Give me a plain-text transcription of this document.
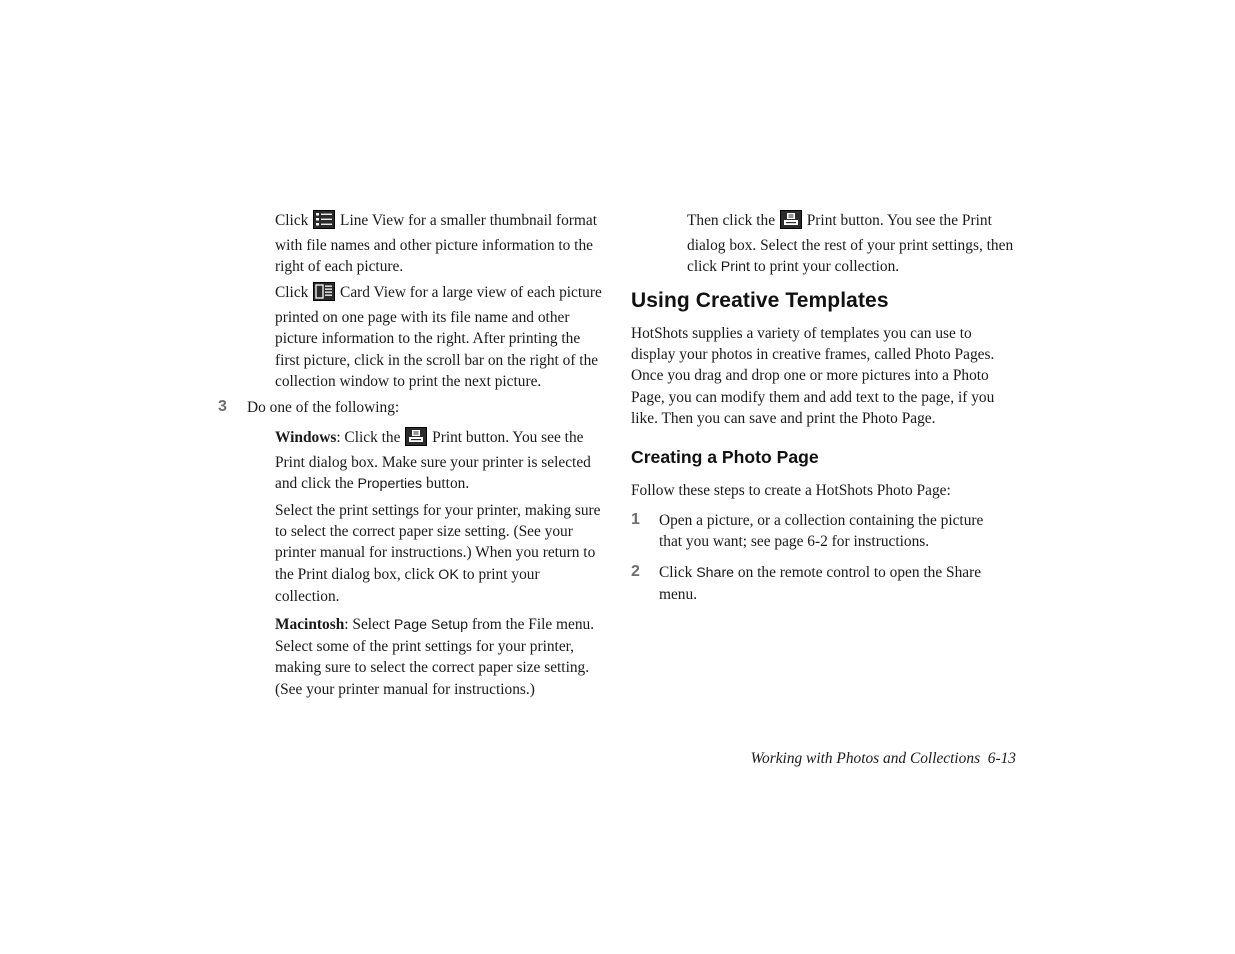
Click  Line View for a smaller thumbnail format with file names and other picture information to the right of each picture.

Click  Card View for a large view of each picture printed on one page with its file name and other picture information to the right. After printing the first picture, click in the scroll bar on the right of the collection window to print the next picture.

3 Do one of the following:

Windows: Click the  Print button. You see the Print dialog box. Make sure your printer is selected and click the Properties button.

Select the print settings for your printer, making sure to select the correct paper size setting. (See your printer manual for instructions.) When you return to the Print dialog box, click OK to print your collection.

Macintosh: Select Page Setup from the File menu. Select some of the print settings for your printer, making sure to select the correct paper size setting. (See your printer manual for instructions.)

Then click the  Print button. You see the Print dialog box. Select the rest of your print settings, then click Print to print your collection.

Using Creative Templates

HotShots supplies a variety of templates you can use to display your photos in creative frames, called Photo Pages. Once you drag and drop one or more pictures into a Photo Page, you can modify them and add text to the page, if you like. Then you can save and print the Photo Page.

Creating a Photo Page

Follow these steps to create a HotShots Photo Page:

1 Open a picture, or a collection containing the picture that you want; see page 6-2 for instructions.

2 Click Share on the remote control to open the Share menu.

Working with Photos and Collections 6-13
